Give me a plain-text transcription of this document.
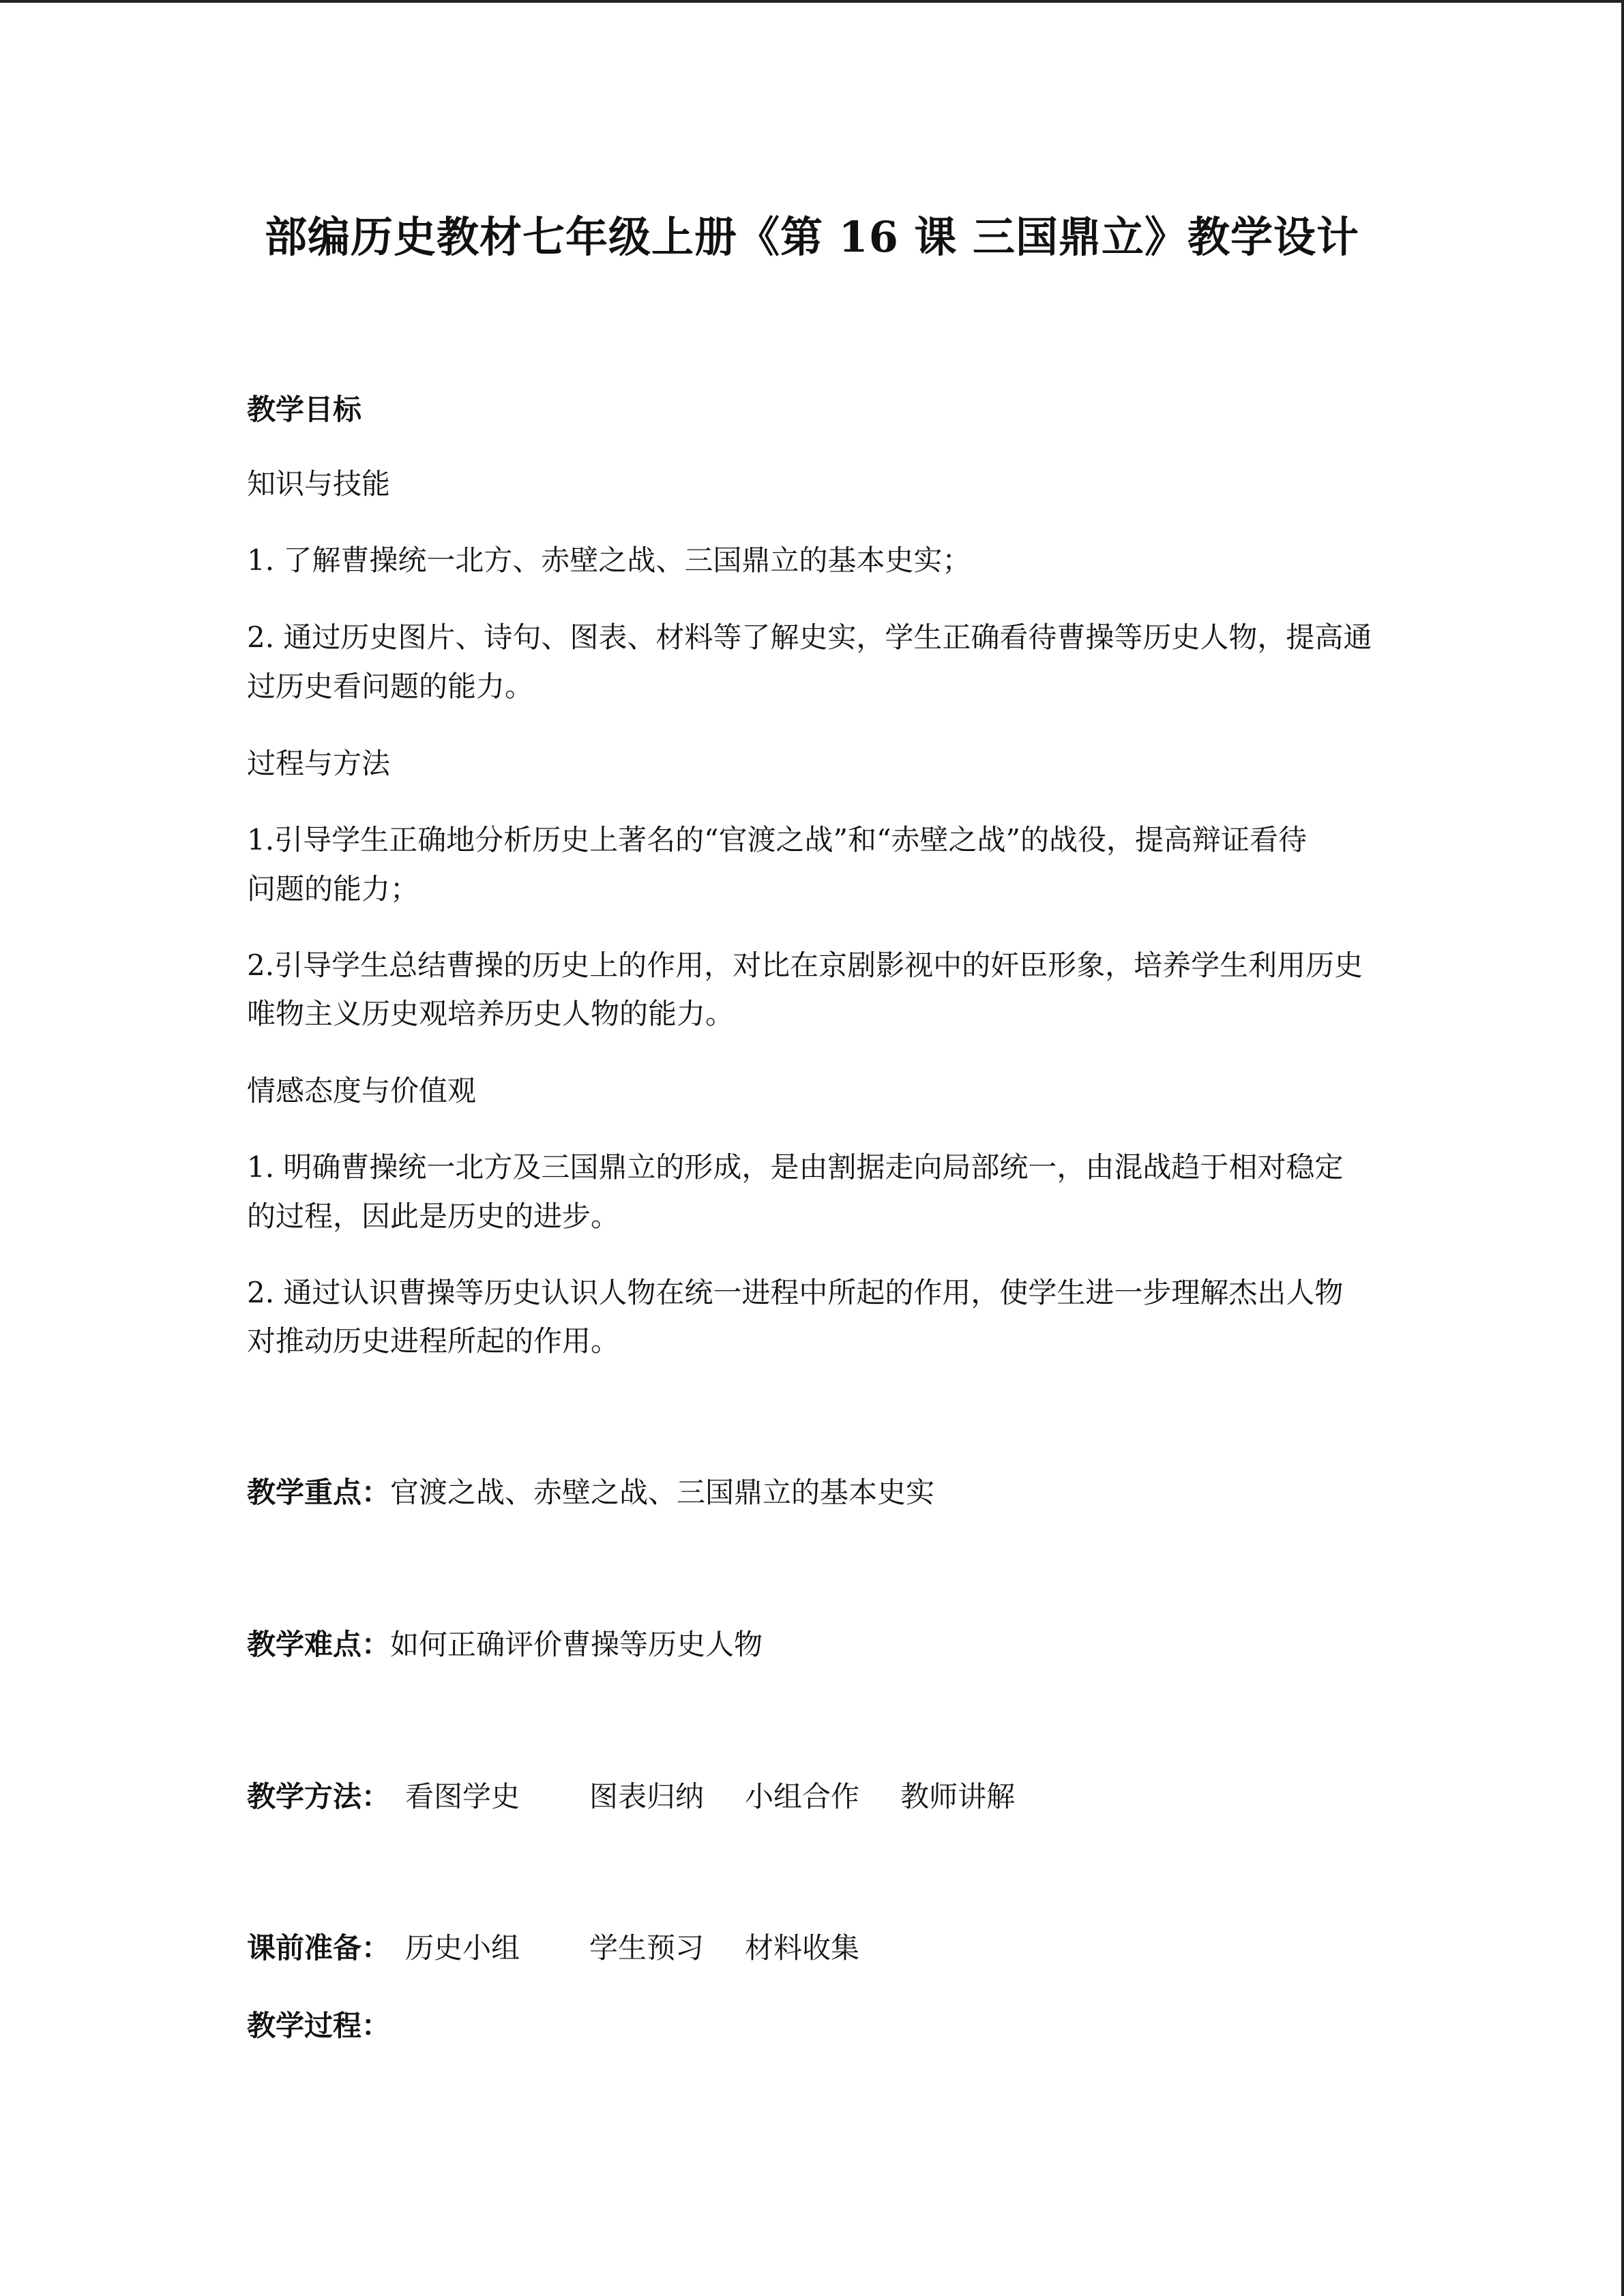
部编历史教材七年级上册《第 16 课 三国鼎立》教学设计
教学目标
知识与技能
1. 了解曹操统一北方、赤壁之战、三国鼎立的基本史实；
2. 通过历史图片、诗句、图表、材料等了解史实，学生正确看待曹操等历史人物，提高通
过历史看问题的能力。
过程与方法
1.引导学生正确地分析历史上著名的“官渡之战”和“赤壁之战”的战役，提高辩证看待
问题的能力；
2.引导学生总结曹操的历史上的作用，对比在京剧影视中的奸臣形象，培养学生利用历史
唯物主义历史观培养历史人物的能力。
情感态度与价值观
1. 明确曹操统一北方及三国鼎立的形成，是由割据走向局部统一，由混战趋于相对稳定
的过程，因此是历史的进步。
2. 通过认识曹操等历史认识人物在统一进程中所起的作用，使学生进一步理解杰出人物
对推动历史进程所起的作用。
教学重点：官渡之战、赤壁之战、三国鼎立的基本史实
教学难点：如何正确评价曹操等历史人物
教学方法： 看图学史 图表归纳 小组合作 教师讲解
课前准备： 历史小组 学生预习 材料收集
教学过程：
